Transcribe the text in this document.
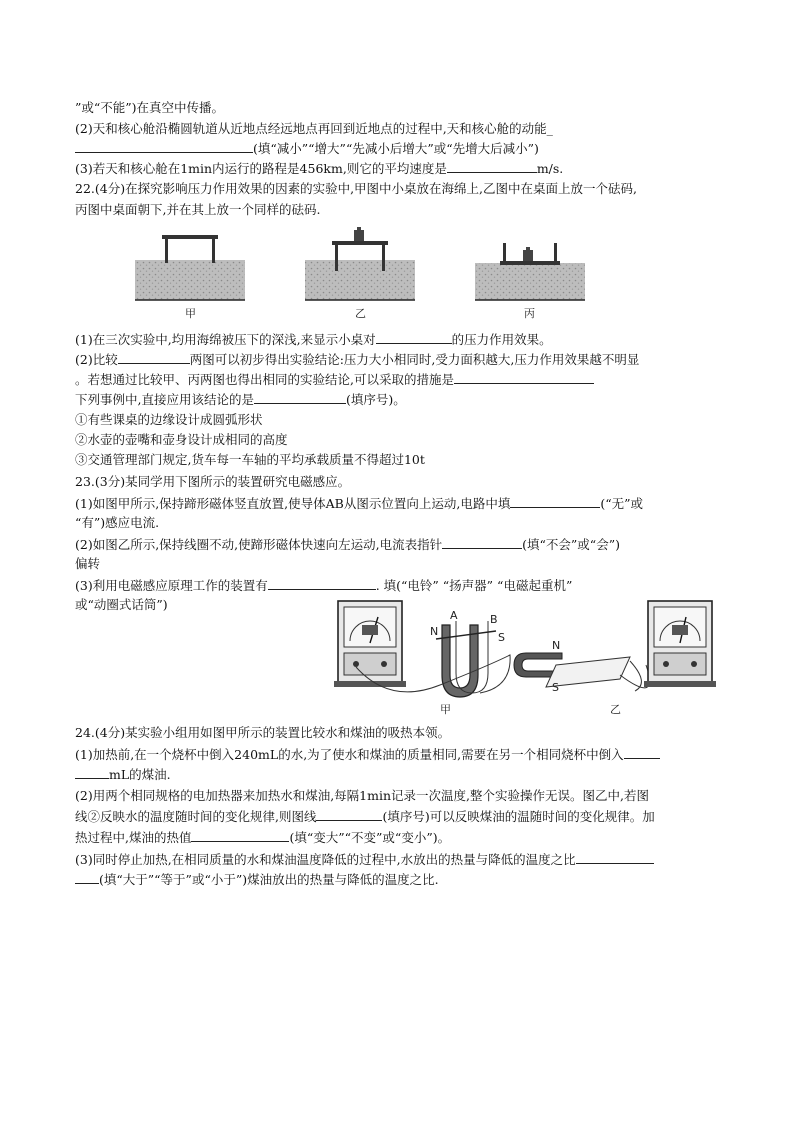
”或“不能”)在真空中传播。
(2)天和核心舱沿椭圆轨道从近地点经远地点再回到近地点的过程中,天和核心舱的动能_
(填“减小”“增大”“先减小后增大”或“先增大后减小”)
(3)若天和核心舱在1min内运行的路程是456km,则它的平均速度是	m/s.
22.(4分)在探究影响压力作用效果的因素的实验中,甲图中小桌放在海绵上,乙图中在桌面上放一个砝码,
丙图中桌面朝下,并在其上放一个同样的砝码.
甲	乙	丙
(1)在三次实验中,均用海绵被压下的深浅,来显示小桌对	的压力作用效果。
(2)比较	两图可以初步得出实验结论:压力大小相同时,受力面积越大,压力作用效果越不明显
。若想通过比较甲、丙两图也得出相同的实验结论,可以采取的措施是
下列事例中,直接应用该结论的是	(填序号)。
①有些课桌的边缘设计成圆弧形状
②水壶的壶嘴和壶身设计成相同的高度
③交通管理部门规定,货车每一车轴的平均承载质量不得超过10t
23.(3分)某同学用下图所示的装置研究电磁感应。
(1)如图甲所示,保持蹄形磁体竖直放置,使导体AB从图示位置向上运动,电路中填	(“无”或
“有”)感应电流.
(2)如图乙所示,保持线圈不动,使蹄形磁体快速向左运动,电流表指针	(填“不会”或“会”)
偏转
(3)利用电磁感应原理工作的装置有	. 填(“电铃” “扬声器” “电磁起重机”
或“动圈式话筒”)
N	S
A	B
N
S
甲	乙
24.(4分)某实验小组用如图甲所示的装置比较水和煤油的吸热本领。
(1)加热前,在一个烧杯中倒入240mL的水,为了使水和煤油的质量相同,需要在另一个相同烧杯中倒入
mL的煤油.
(2)用两个相同规格的电加热器来加热水和煤油,每隔1min记录一次温度,整个实验操作无误。图乙中,若图
线②反映水的温度随时间的变化规律,则图线	(填序号)可以反映煤油的温随时间的变化规律。加
热过程中,煤油的热值	(填“变大”“不变”或“变小”)。
(3)同时停止加热,在相同质量的水和煤油温度降低的过程中,水放出的热量与降低的温度之比
(填“大于”“等于”或“小于”)煤油放出的热量与降低的温度之比.
